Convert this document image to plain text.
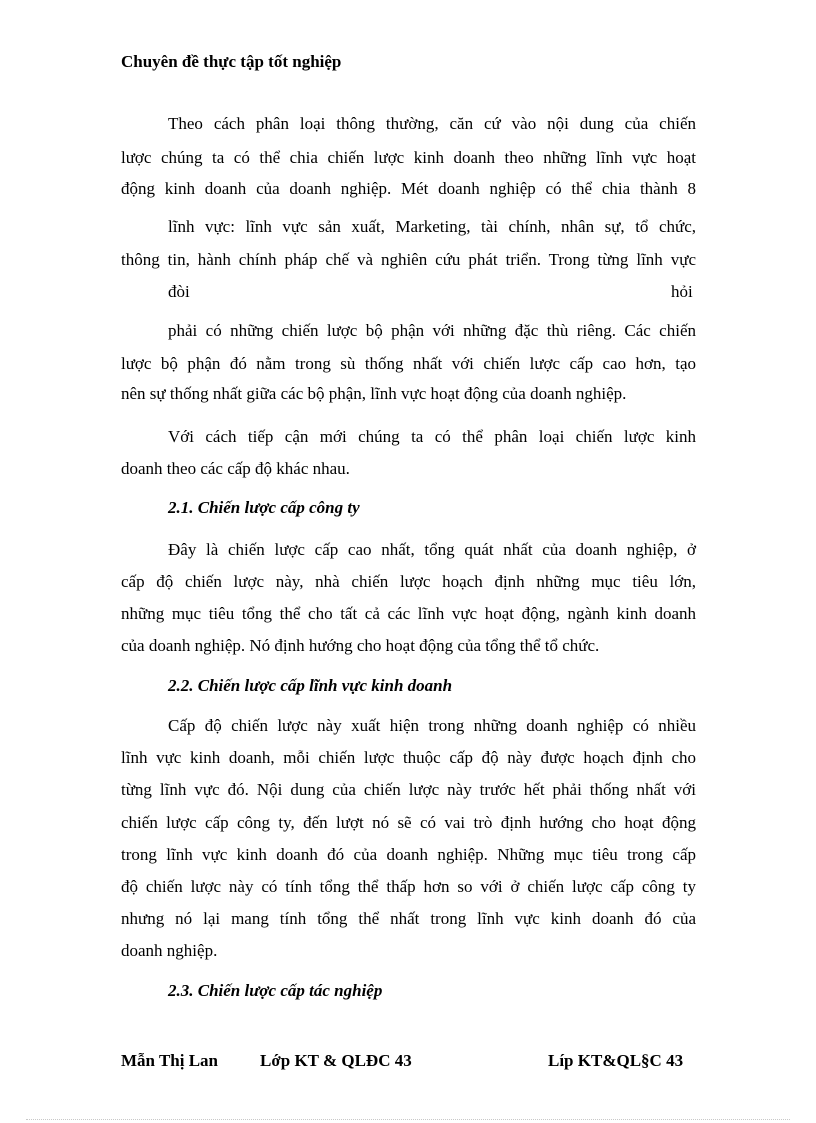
Chuyên đề thực tập tốt nghiệp
Theo cách phân loại thông thường, căn cứ vào nội dung của chiến
lược chúng ta có thể chia chiến lược kinh doanh theo những lĩnh vực hoạt
động kinh doanh của doanh nghiệp. Mét doanh nghiệp có thể chia thành 8
lĩnh vực: lĩnh vực sản xuất, Marketing, tài chính, nhân sự, tổ chức,
thông tin, hành chính pháp chế và nghiên cứu phát triển. Trong từng lĩnh vực
đòi	hỏi
phải có những chiến lược bộ phận với những đặc thù riêng. Các chiến
lược bộ phận đó nằm trong sù thống nhất với chiến lược cấp cao hơn, tạo
nên sự thống nhất giữa các bộ phận, lĩnh vực hoạt động của doanh nghiệp.
Với cách tiếp cận mới chúng ta có thể phân loại chiến lược kinh
doanh theo các cấp độ khác nhau.
2.1. Chiến lược cấp công ty
Đây là chiến lược cấp cao nhất, tổng quát nhất của doanh nghiệp, ở
cấp độ chiến lược này, nhà chiến lược hoạch định những mục tiêu lớn,
những mục tiêu tổng thể cho tất cả các lĩnh vực hoạt động, ngành kinh doanh
của doanh nghiệp. Nó định hướng cho hoạt động của tổng thể tổ chức.
2.2. Chiến lược cấp lĩnh vực kinh doanh
Cấp độ chiến lược này xuất hiện trong những doanh nghiệp có nhiều
lĩnh vực kinh doanh, mỗi chiến lược thuộc cấp độ này được hoạch định cho
từng lĩnh vực đó. Nội dung của chiến lược này trước hết phải thống nhất với
chiến lược cấp công ty, đến lượt nó sẽ có vai trò định hướng cho hoạt động
trong lĩnh vực kinh doanh đó của doanh nghiệp. Những mục tiêu trong cấp
độ chiến lược này có tính tổng thể thấp hơn so với ở chiến lược cấp công ty
nhưng nó lại mang tính tổng thể nhất trong lĩnh vực kinh doanh đó của
doanh nghiệp.
2.3. Chiến lược cấp tác nghiệp
Mẫn Thị Lan Lớp KT & QLĐC 43	Líp KT&QL§C 43
